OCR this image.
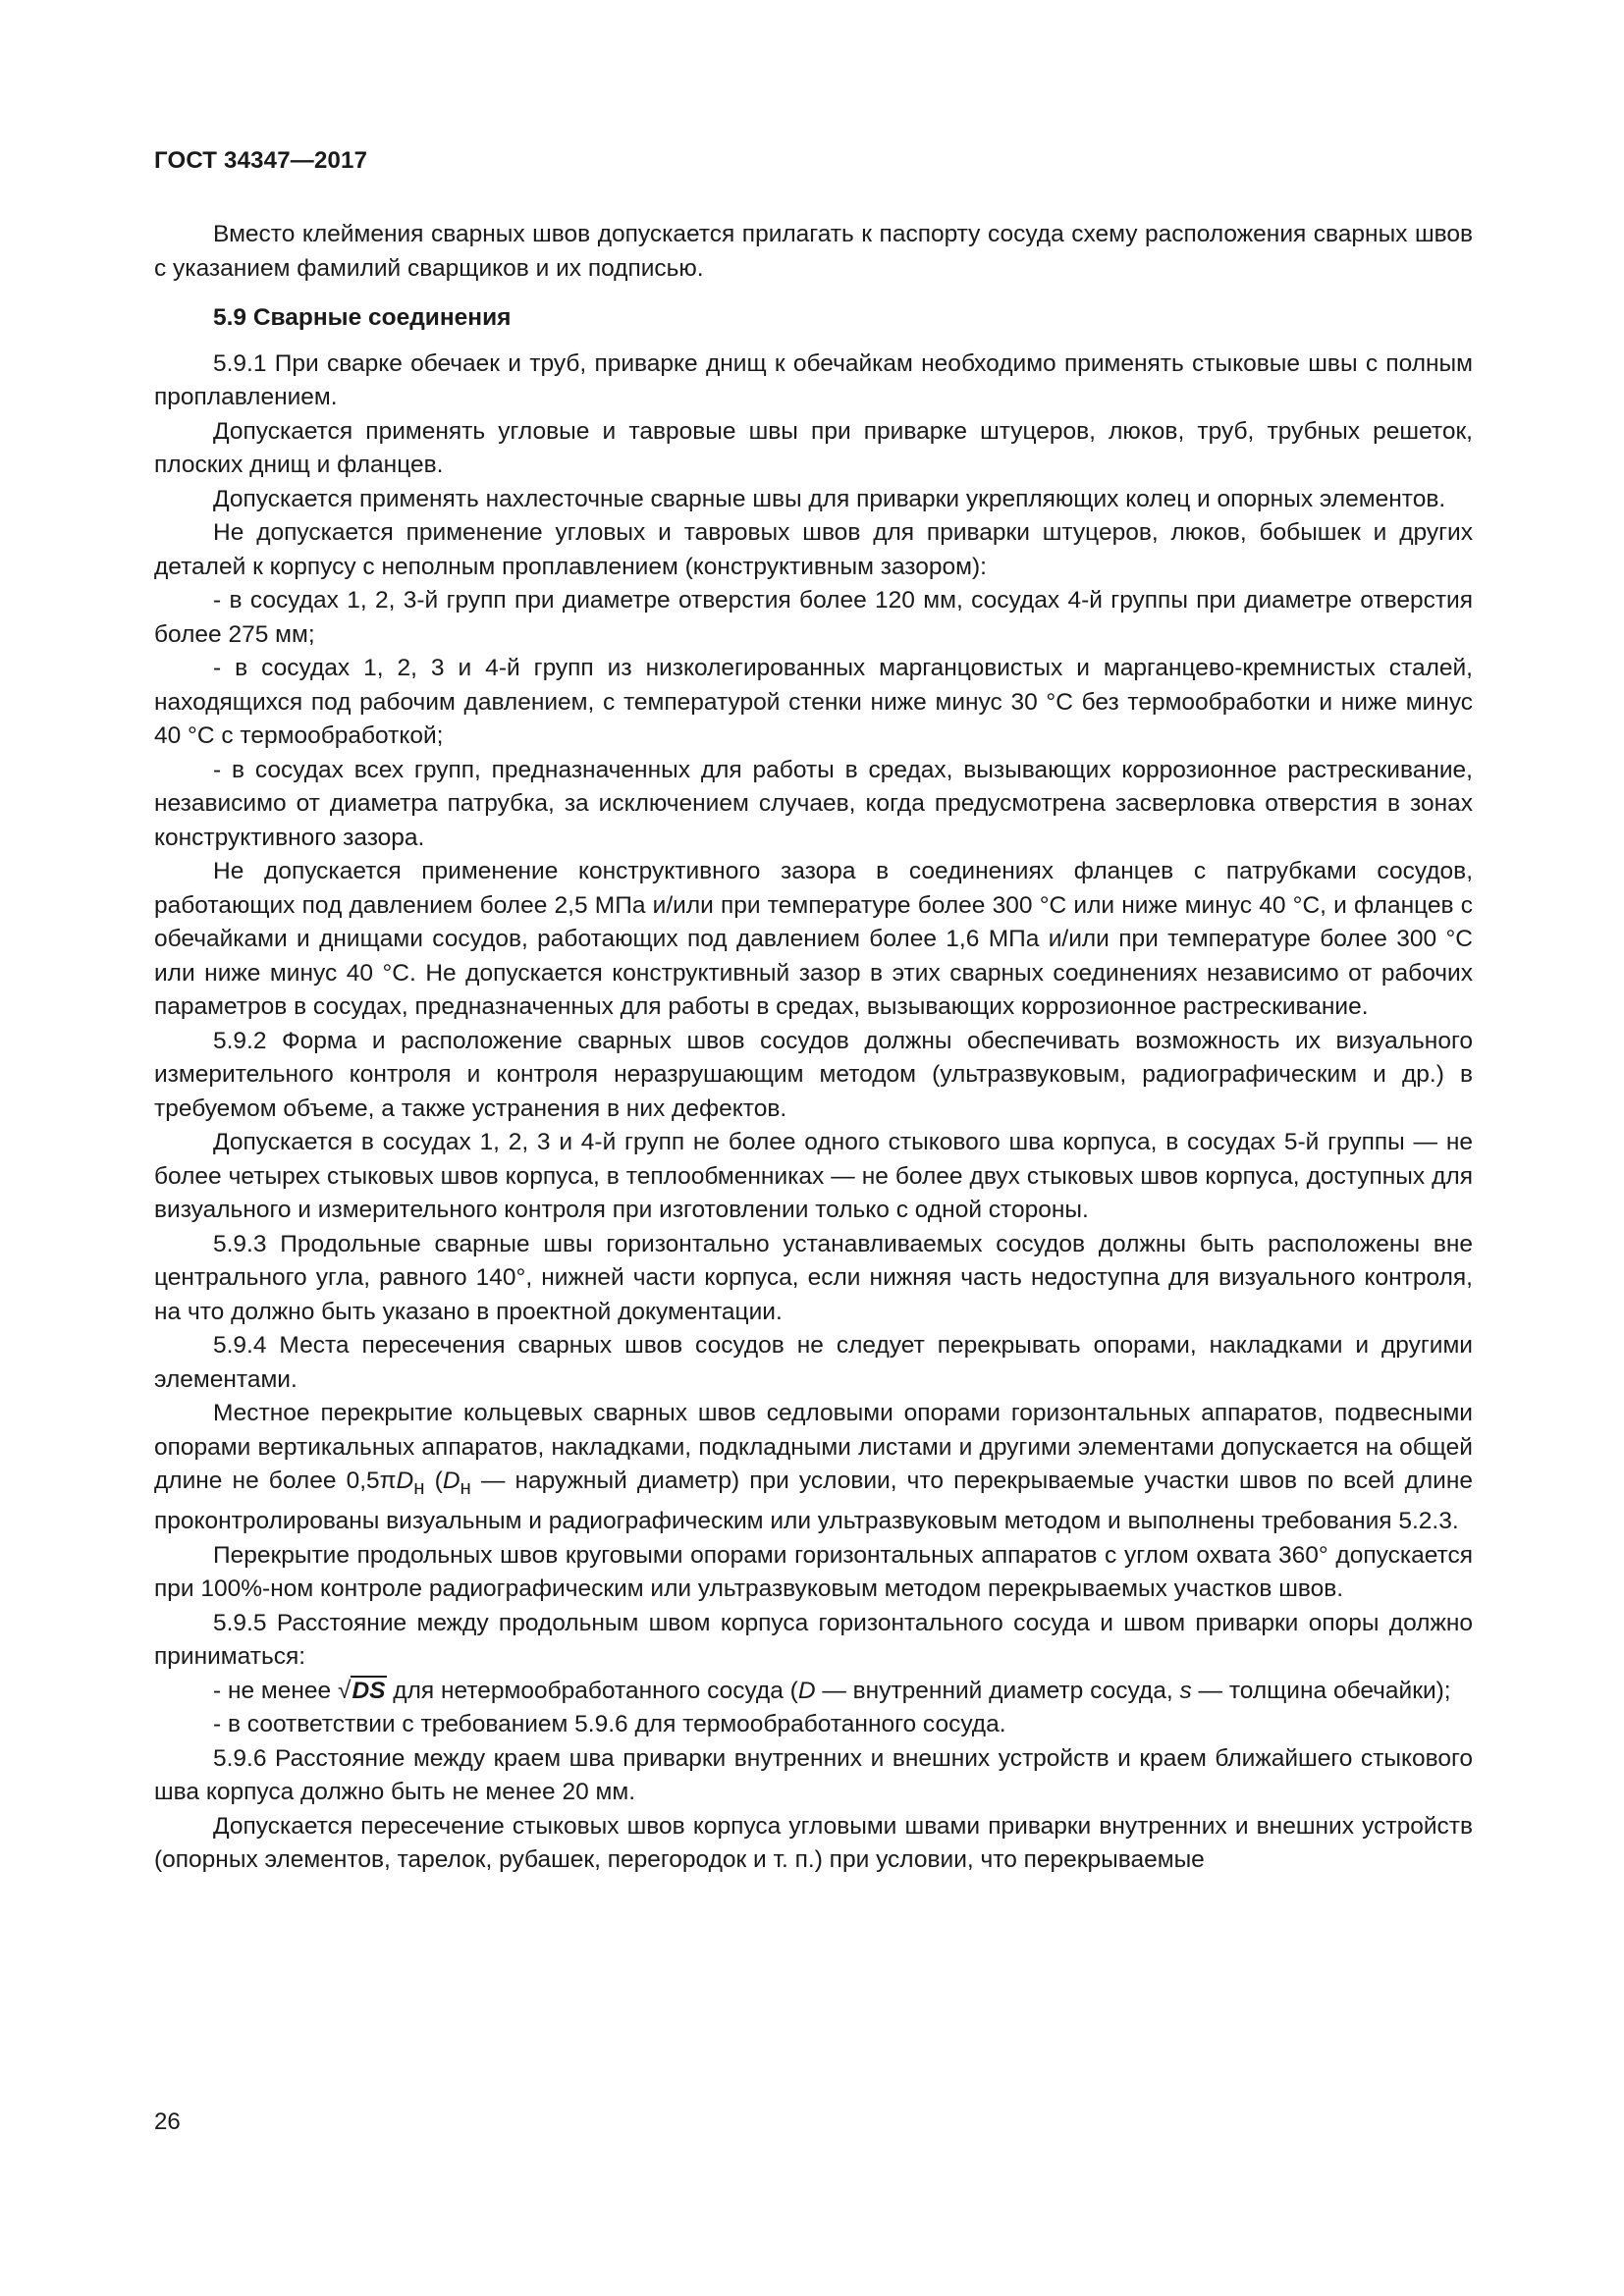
ГОСТ 34347—2017

Вместо клеймения сварных швов допускается прилагать к паспорту сосуда схему расположения сварных швов с указанием фамилий сварщиков и их подписью.

5.9 Сварные соединения

5.9.1 При сварке обечаек и труб, приварке днищ к обечайкам необходимо применять стыковые швы с полным проплавлением.

Допускается применять угловые и тавровые швы при приварке штуцеров, люков, труб, трубных решеток, плоских днищ и фланцев.

Допускается применять нахлесточные сварные швы для приварки укрепляющих колец и опорных элементов.

Не допускается применение угловых и тавровых швов для приварки штуцеров, люков, бобышек и других деталей к корпусу с неполным проплавлением (конструктивным зазором):

- в сосудах 1, 2, 3-й групп при диаметре отверстия более 120 мм, сосудах 4-й группы при диаметре отверстия более 275 мм;

- в сосудах 1, 2, 3 и 4-й групп из низколегированных марганцовистых и марганцево-кремнистых сталей, находящихся под рабочим давлением, с температурой стенки ниже минус 30 °С без термообработки и ниже минус 40 °С с термообработкой;

- в сосудах всех групп, предназначенных для работы в средах, вызывающих коррозионное растрескивание, независимо от диаметра патрубка, за исключением случаев, когда предусмотрена засверловка отверстия в зонах конструктивного зазора.

Не допускается применение конструктивного зазора в соединениях фланцев с патрубками сосудов, работающих под давлением более 2,5 МПа и/или при температуре более 300 °С или ниже минус 40 °С, и фланцев с обечайками и днищами сосудов, работающих под давлением более 1,6 МПа и/или при температуре более 300 °С или ниже минус 40 °С. Не допускается конструктивный зазор в этих сварных соединениях независимо от рабочих параметров в сосудах, предназначенных для работы в средах, вызывающих коррозионное растрескивание.

5.9.2 Форма и расположение сварных швов сосудов должны обеспечивать возможность их визуального измерительного контроля и контроля неразрушающим методом (ультразвуковым, радиографическим и др.) в требуемом объеме, а также устранения в них дефектов.

Допускается в сосудах 1, 2, 3 и 4-й групп не более одного стыкового шва корпуса, в сосудах 5-й группы — не более четырех стыковых швов корпуса, в теплообменниках — не более двух стыковых швов корпуса, доступных для визуального и измерительного контроля при изготовлении только с одной стороны.

5.9.3 Продольные сварные швы горизонтально устанавливаемых сосудов должны быть расположены вне центрального угла, равного 140°, нижней части корпуса, если нижняя часть недоступна для визуального контроля, на что должно быть указано в проектной документации.

5.9.4 Места пересечения сварных швов сосудов не следует перекрывать опорами, накладками и другими элементами.

Местное перекрытие кольцевых сварных швов седловыми опорами горизонтальных аппаратов, подвесными опорами вертикальных аппаратов, накладками, подкладными листами и другими элементами допускается на общей длине не более $0,5\pi D_н$ ($D_н$ — наружный диаметр) при условии, что перекрываемые участки швов по всей длине проконтролированы визуальным и радиографическим или ультразвуковым методом и выполнены требования 5.2.3.

Перекрытие продольных швов круговыми опорами горизонтальных аппаратов с углом охвата 360° допускается при 100%-ном контроле радиографическим или ультразвуковым методом перекрываемых участков швов.

5.9.5 Расстояние между продольным швом корпуса горизонтального сосуда и швом приварки опоры должно приниматься:

- не менее √DS для нетермообработанного сосуда (D — внутренний диаметр сосуда, s — толщина обечайки);

- в соответствии с требованием 5.9.6 для термообработанного сосуда.

5.9.6 Расстояние между краем шва приварки внутренних и внешних устройств и краем ближайшего стыкового шва корпуса должно быть не менее 20 мм.

Допускается пересечение стыковых швов корпуса угловыми швами приварки внутренних и внешних устройств (опорных элементов, тарелок, рубашек, перегородок и т. п.) при условии, что перекрываемые

26
